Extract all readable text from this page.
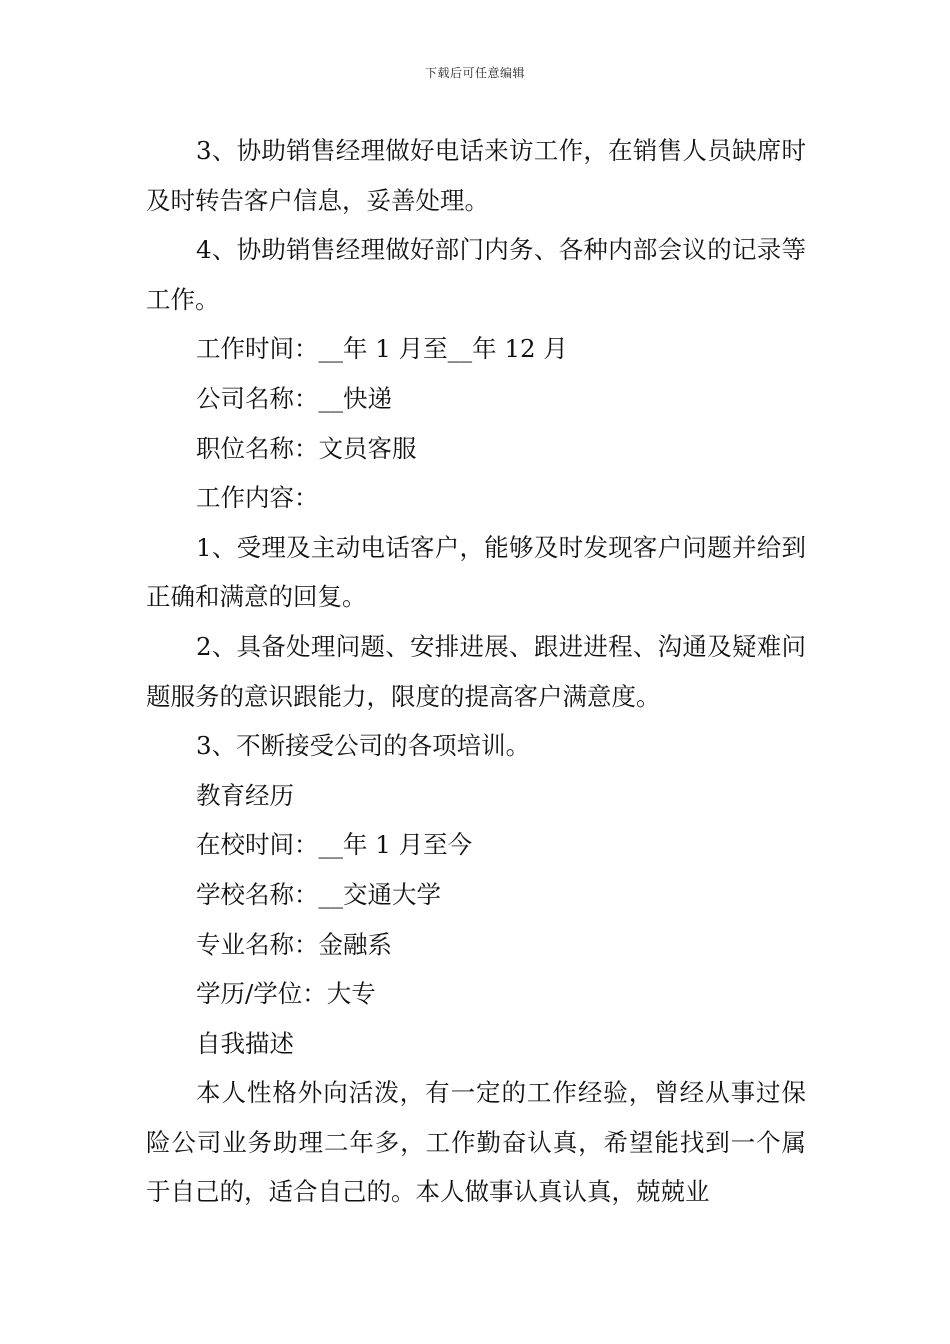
下载后可任意编辑

3、协助销售经理做好电话来访工作，在销售人员缺席时及时转告客户信息，妥善处理。

4、协助销售经理做好部门内务、各种内部会议的记录等工作。

工作时间：__年 1 月至__年 12 月

公司名称：__快递

职位名称：文员客服

工作内容：

1、受理及主动电话客户，能够及时发现客户问题并给到正确和满意的回复。

2、具备处理问题、安排进展、跟进进程、沟通及疑难问题服务的意识跟能力，限度的提高客户满意度。

3、不断接受公司的各项培训。

教育经历

在校时间：__年 1 月至今

学校名称：__交通大学

专业名称：金融系

学历/学位：大专

自我描述

本人性格外向活泼，有一定的工作经验，曾经从事过保险公司业务助理二年多，工作勤奋认真，希望能找到一个属于自己的，适合自己的。本人做事认真认真，兢兢业
